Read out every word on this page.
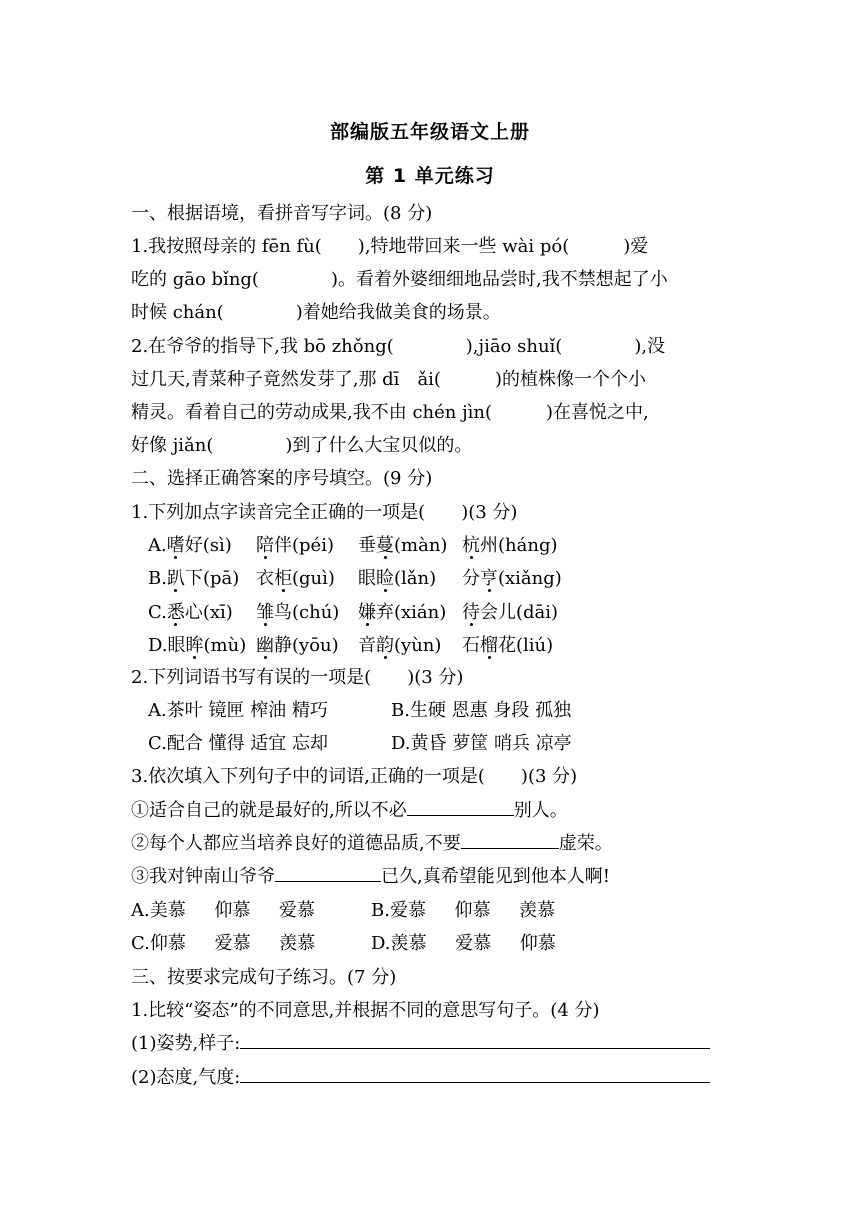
部编版五年级语文上册
第 1 单元练习
一、根据语境，看拼音写字词。(8 分)
1.我按照母亲的 fēn fù(　　),特地带回来一些 wài pó(　　　)爱
吃的 gāo bǐng(　　　　)。看着外婆细细地品尝时,我不禁想起了小
时候 chán(　　　　)着她给我做美食的场景。
2.在爷爷的指导下,我 bō zhǒng(　　　　),jiāo shuǐ(　　　　),没
过几天,青菜种子竟然发芽了,那 dī　ǎi(　　　)的植株像一个个小
精灵。看着自己的劳动成果,我不由 chén jìn(　　　)在喜悦之中,
好像 jiǎn(　　　　)到了什么大宝贝似的。
二、选择正确答案的序号填空。(9 分)
1.下列加点字读音完全正确的一项是(　　)(3 分)
A.嗜好(sì) 陪伴(péi) 垂蔓(màn) 杭州(háng)
B.趴下(pā) 衣柜(guì) 眼睑(lǎn) 分亨(xiǎng)
C.悉心(xī) 雏鸟(chú) 嫌弃(xián) 待会儿(dāi)
D.眼眸(mù) 幽静(yōu) 音韵(yùn) 石榴花(liú)
2.下列词语书写有误的一项是(　　)(3 分)
A.茶叶 镜匣 榨油 精巧	B.生硬 恩惠 身段 孤独
C.配合 懂得 适宜 忘却	D.黄昏 萝筐 哨兵 凉亭
3.依次填入下列句子中的词语,正确的一项是(　　)(3 分)
①适合自己的就是最好的,所以不必	别人。
②每个人都应当培养良好的道德品质,不要	虚荣。
③我对钟南山爷爷	已久,真希望能见到他本人啊!
A.美慕     仰慕     爱慕	B.爱慕     仰慕     羡慕
C.仰慕     爱慕     羡慕	D.羡慕     爱慕     仰慕
三、按要求完成句子练习。(7 分)
1.比较“姿态”的不同意思,并根据不同的意思写句子。(4 分)
(1)姿势,样子:
(2)态度,气度:
